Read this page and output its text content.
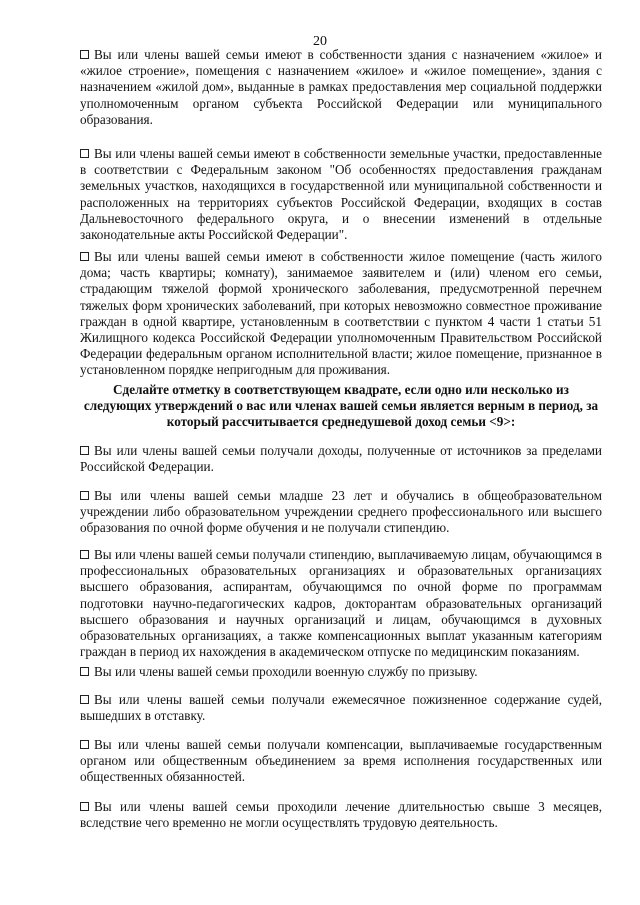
20

Вы или члены вашей семьи имеют в собственности здания с назначением «жилое» и «жилое строение», помещения с назначением «жилое» и «жилое помещение», здания с назначением «жилой дом», выданные в рамках предоставления мер социальной поддержки уполномоченным органом субъекта Российской Федерации или муниципального образования.

Вы или члены вашей семьи имеют в собственности земельные участки, предоставленные в соответствии с Федеральным законом "Об особенностях предоставления гражданам земельных участков, находящихся в государственной или муниципальной собственности и расположенных на территориях субъектов Российской Федерации, входящих в состав Дальневосточного федерального округа, и о внесении изменений в отдельные законодательные акты Российской Федерации".

Вы или члены вашей семьи имеют в собственности жилое помещение (часть жилого дома; часть квартиры; комнату), занимаемое заявителем и (или) членом его семьи, страдающим тяжелой формой хронического заболевания, предусмотренной перечнем тяжелых форм хронических заболеваний, при которых невозможно совместное проживание граждан в одной квартире, установленным в соответствии с пунктом 4 части 1 статьи 51 Жилищного кодекса Российской Федерации уполномоченным Правительством Российской Федерации федеральным органом исполнительной власти; жилое помещение, признанное в установленном порядке непригодным для проживания.

Сделайте отметку в соответствующем квадрате, если одно или несколько из следующих утверждений о вас или членах вашей семьи является верным в период, за который рассчитывается среднедушевой доход семьи <9>:

Вы или члены вашей семьи получали доходы, полученные от источников за пределами Российской Федерации.

Вы или члены вашей семьи младше 23 лет и обучались в общеобразовательном учреждении либо образовательном учреждении среднего профессионального или высшего образования по очной форме обучения и не получали стипендию.

Вы или члены вашей семьи получали стипендию, выплачиваемую лицам, обучающимся в профессиональных образовательных организациях и образовательных организациях высшего образования, аспирантам, обучающимся по очной форме по программам подготовки научно-педагогических кадров, докторантам образовательных организаций высшего образования и научных организаций и лицам, обучающимся в духовных образовательных организациях, а также компенсационных выплат указанным категориям граждан в период их нахождения в академическом отпуске по медицинским показаниям.

Вы или члены вашей семьи проходили военную службу по призыву.

Вы или члены вашей семьи получали ежемесячное пожизненное содержание судей, вышедших в отставку.

Вы или члены вашей семьи получали компенсации, выплачиваемые государственным органом или общественным объединением за время исполнения государственных или общественных обязанностей.

Вы или члены вашей семьи проходили лечение длительностью свыше 3 месяцев, вследствие чего временно не могли осуществлять трудовую деятельность.
